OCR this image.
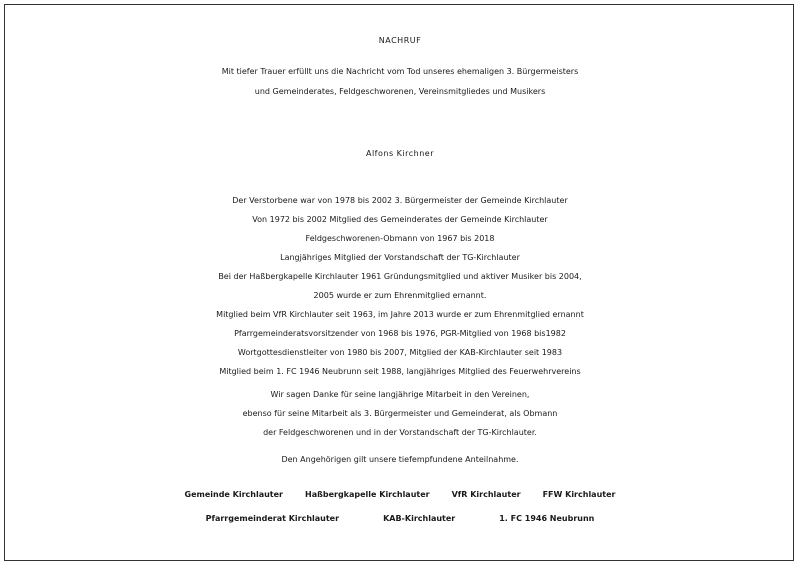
NACHRUF
Mit tiefer Trauer erfüllt uns die Nachricht vom Tod unseres ehemaligen 3. Bürgermeisters
und Gemeinderates, Feldgeschworenen, Vereinsmitgliedes und Musikers
Alfons Kirchner
Der Verstorbene war von 1978 bis 2002 3. Bürgermeister der Gemeinde Kirchlauter
Von 1972 bis 2002 Mitglied des Gemeinderates der Gemeinde Kirchlauter
Feldgeschworenen-Obmann von 1967 bis 2018
Langjähriges Mitglied der Vorstandschaft der TG-Kirchlauter
Bei der Haßbergkapelle Kirchlauter 1961 Gründungsmitglied und aktiver Musiker bis 2004,
2005 wurde er zum Ehrenmitglied ernannt.
Mitglied beim VfR Kirchlauter seit 1963, im Jahre 2013 wurde er zum Ehrenmitglied ernannt
Pfarrgemeinderatsvorsitzender von 1968 bis 1976, PGR-Mitglied von 1968 bis1982
Wortgottesdienstleiter von 1980 bis 2007, Mitglied der KAB-Kirchlauter seit 1983
Mitglied beim 1. FC 1946 Neubrunn seit 1988, langjähriges Mitglied des Feuerwehrvereins
Wir sagen Danke für seine langjährige Mitarbeit in den Vereinen,
ebenso für seine Mitarbeit als 3. Bürgermeister und Gemeinderat, als Obmann
der Feldgeschworenen und in der Vorstandschaft der TG-Kirchlauter.
Den Angehörigen gilt unsere tiefempfundene Anteilnahme.
Gemeinde Kirchlauter	Haßbergkapelle Kirchlauter	VfR Kirchlauter	FFW Kirchlauter
Pfarrgemeinderat Kirchlauter	KAB-Kirchlauter	1. FC 1946 Neubrunn
